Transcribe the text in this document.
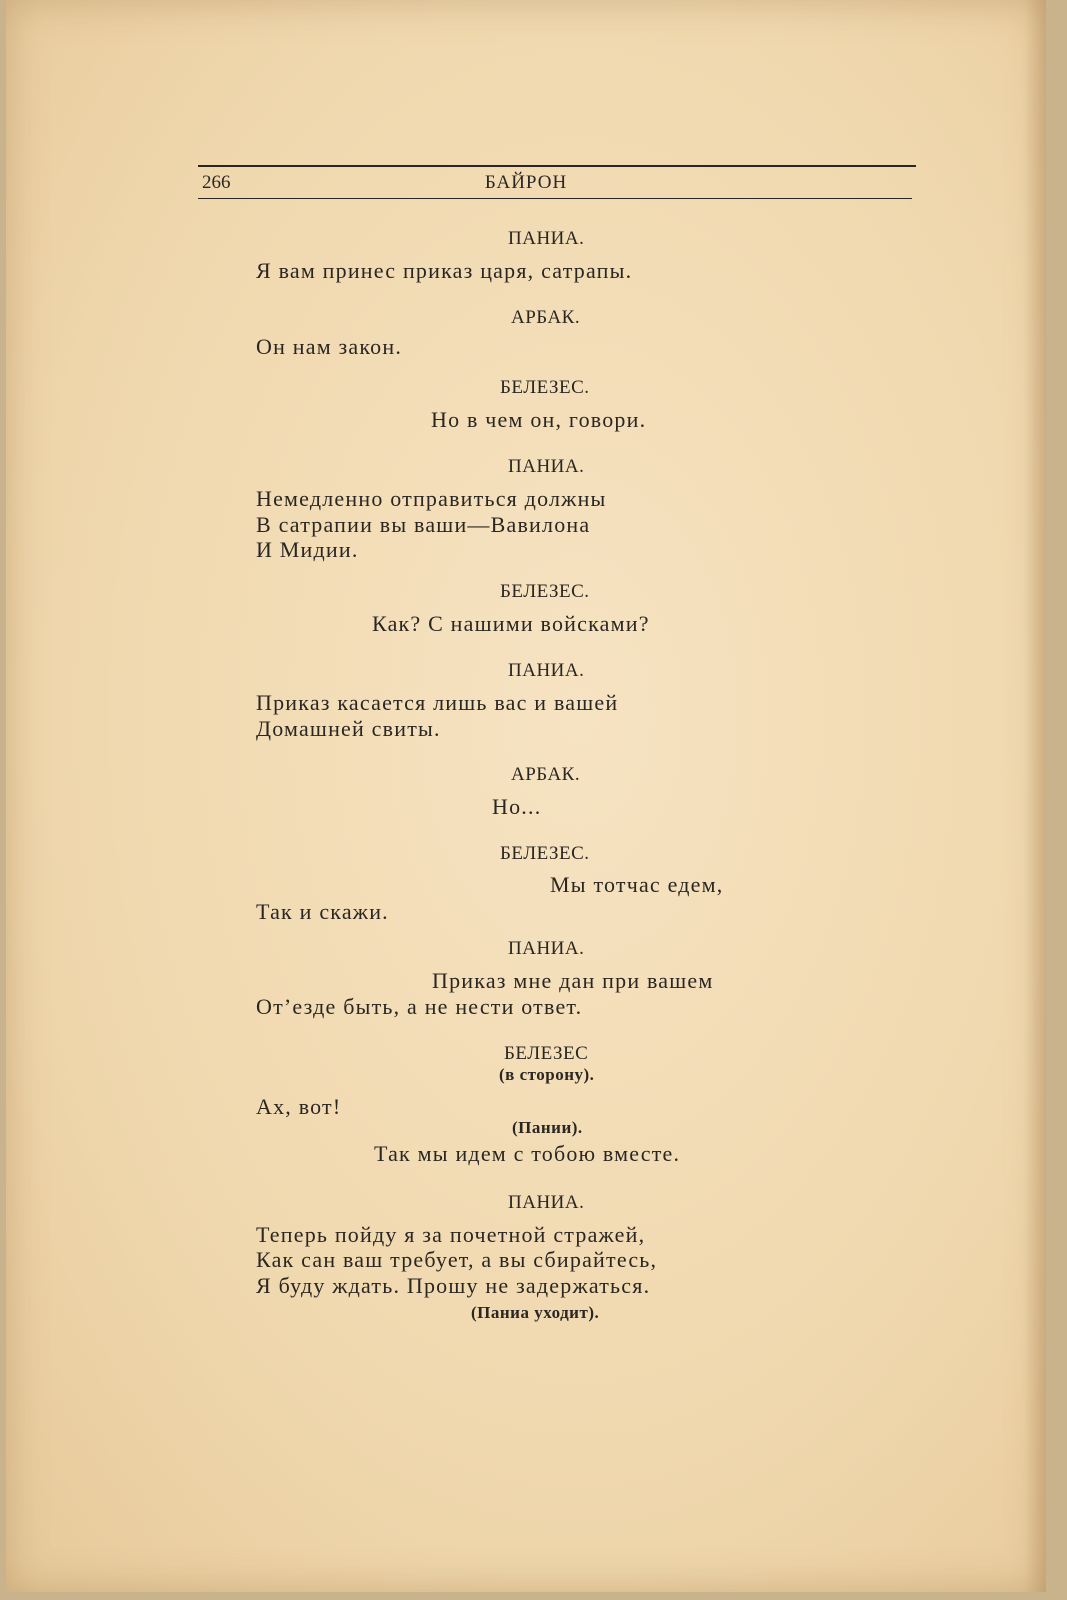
266	БАЙРОН
ПАНИА.
Я вам принес приказ царя, сатрапы.
АРБАК.
Он нам закон.
БЕЛЕЗЕС.
Но в чем он, говори.
ПАНИА.
Немедленно отправиться должны
В сатрапии вы ваши—Вавилона
И Мидии.
БЕЛЕЗЕС.
Как? С нашими войсками?
ПАНИА.
Приказ касается лишь вас и вашей
Домашней свиты.
АРБАК.
Но...
БЕЛЕЗЕС.
Мы тотчас едем,
Так и скажи.
ПАНИА.
Приказ мне дан при вашем
От’езде быть, а не нести ответ.
БЕЛЕЗЕС
(в сторону).
Ах, вот!
(Пании).
Так мы идем с тобою вместе.
ПАНИА.
Теперь пойду я за почетной стражей,
Как сан ваш требует, а вы сбирайтесь,
Я буду ждать. Прошу не задержаться.
(Паниа уходит).
